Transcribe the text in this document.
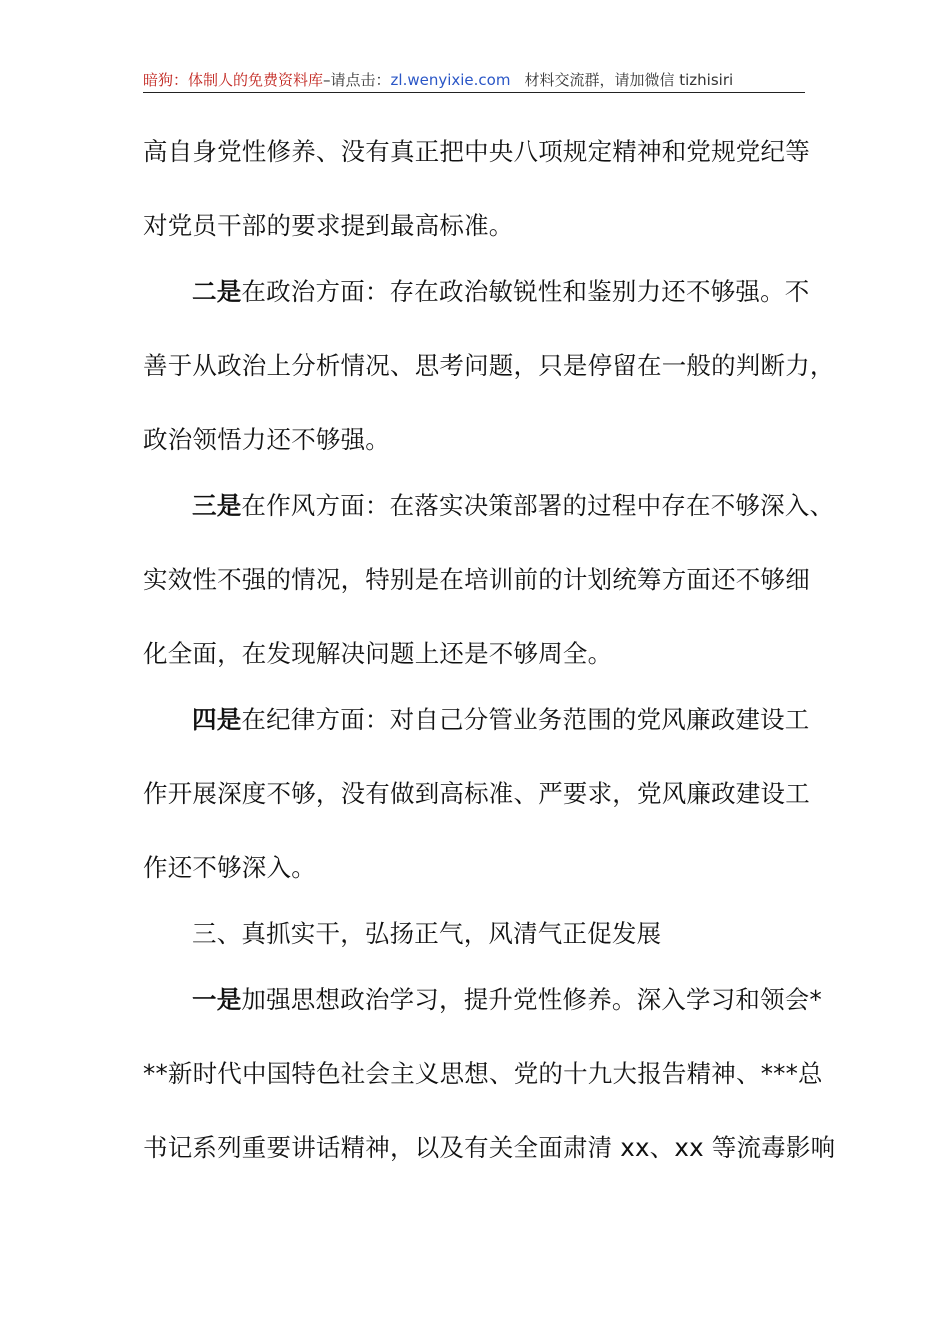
暗狗：体制人的免费资料库–请点击：zl.wenyixie.com 材料交流群，请加微信 tizhisiri
高自身党性修养、没有真正把中央八项规定精神和党规党纪等
对党员干部的要求提到最高标准。
二是在政治方面：存在政治敏锐性和鉴别力还不够强。不
善于从政治上分析情况、思考问题，只是停留在一般的判断力，
政治领悟力还不够强。
三是在作风方面：在落实决策部署的过程中存在不够深入、
实效性不强的情况，特别是在培训前的计划统筹方面还不够细
化全面，在发现解决问题上还是不够周全。
四是在纪律方面：对自己分管业务范围的党风廉政建设工
作开展深度不够，没有做到高标准、严要求，党风廉政建设工
作还不够深入。
三、真抓实干，弘扬正气，风清气正促发展
一是加强思想政治学习，提升党性修养。深入学习和领会*
**新时代中国特色社会主义思想、党的十九大报告精神、***总
书记系列重要讲话精神，以及有关全面肃清 xx、xx 等流毒影响
